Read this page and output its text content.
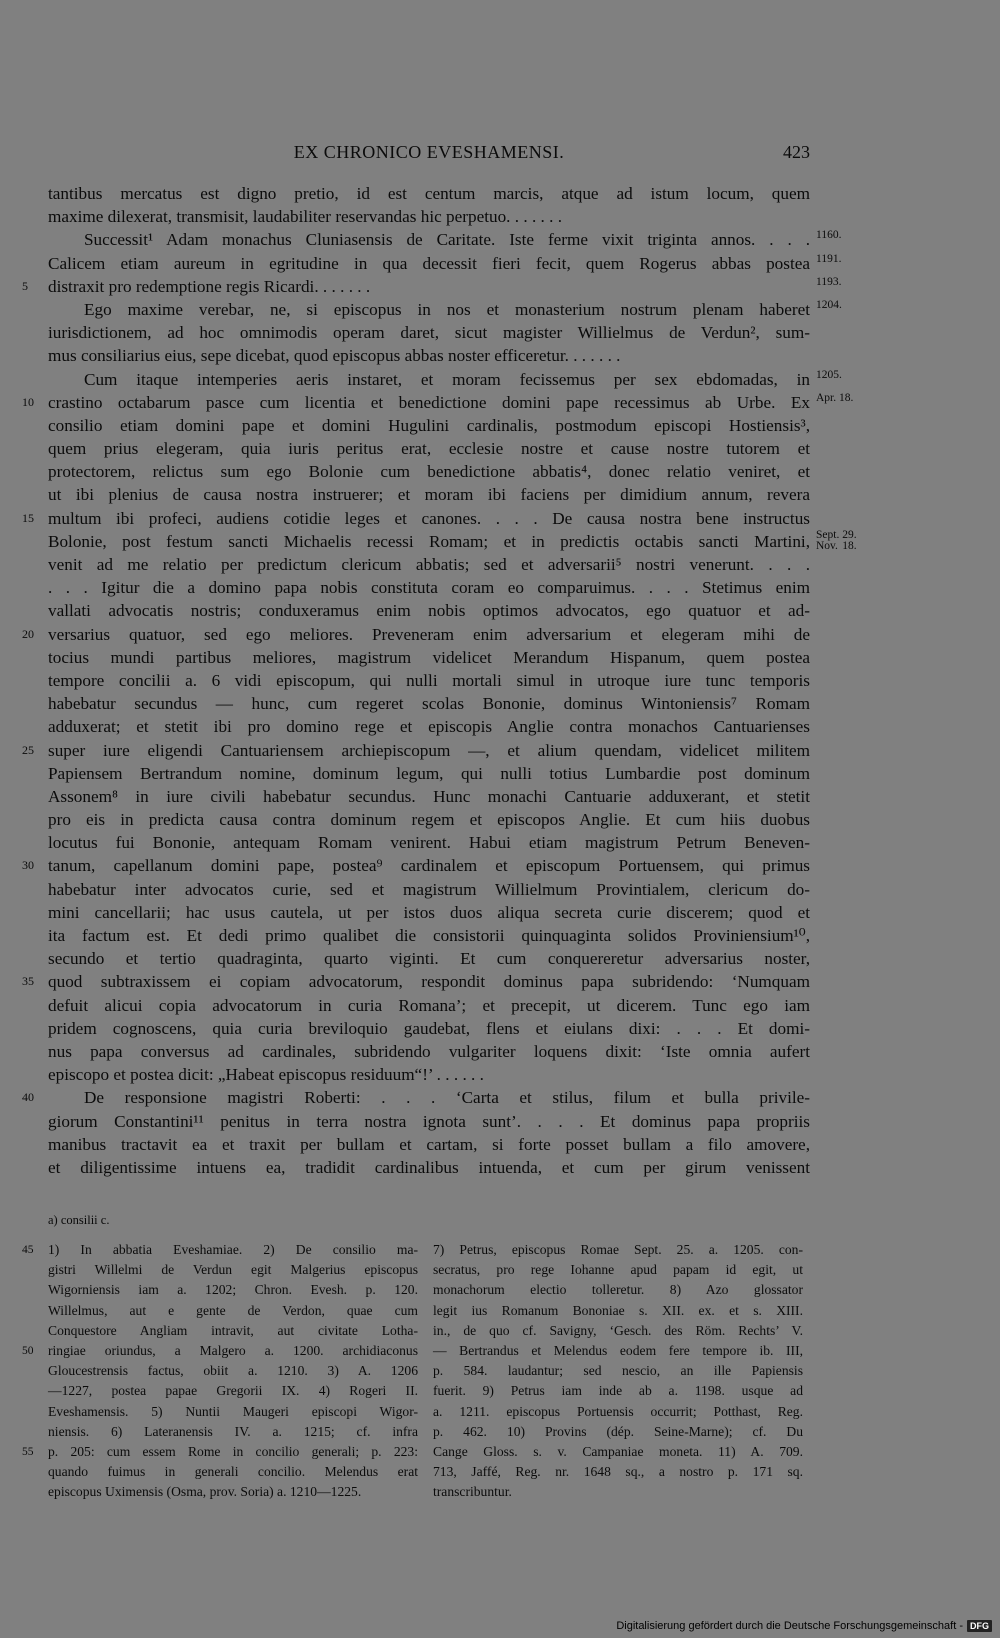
EX CHRONICO EVESHAMENSI.	423
tantibus mercatus est digno pretio, id est centum marcis, atque ad istum locum, quem
maxime dilexerat, transmisit, laudabiliter reservandas hic perpetuo. . . . . . .
Successit¹ Adam monachus Cluniasensis de Caritate. Iste ferme vixit triginta annos. . . . 1160.
Calicem etiam aureum in egritudine in qua decessit fieri fecit, quem Rogerus abbas postea 1191.
distraxit pro redemptione regis Ricardi. . . . . . .
5	1193.
Ego maxime verebar, ne, si episcopus in nos et monasterium nostrum plenam haberet 1204.
iurisdictionem, ad hoc omnimodis operam daret, sicut magister Willielmus de Verdun², sum-
mus consiliarius eius, sepe dicebat, quod episcopus abbas noster efficeretur. . . . . . .
Cum itaque intemperies aeris instaret, et moram fecissemus per sex ebdomadas, in 1205.
crastino octabarum pasce cum licentia et benedictione domini pape recessimus ab Urbe. Ex
10	Apr. 18.
consilio etiam domini pape et domini Hugulini cardinalis, postmodum episcopi Hostiensis³,
quem prius elegeram, quia iuris peritus erat, ecclesie nostre et cause nostre tutorem et
protectorem, relictus sum ego Bolonie cum benedictione abbatis⁴, donec relatio veniret, et
ut ibi plenius de causa nostra instruerer; et moram ibi faciens per dimidium annum, revera
multum ibi profeci, audiens cotidie leges et canones. . . . De causa nostra bene instructus
15
Bolonie, post festum sancti Michaelis recessi Romam; et in predictis octabis sancti Martini, Sept. 29.
Nov. 18.
venit ad me relatio per predictum clericum abbatis; sed et adversarii⁵ nostri venerunt. . . .
. . . Igitur die a domino papa nobis constituta coram eo comparuimus. . . . Stetimus enim
vallati advocatis nostris; conduxeramus enim nobis optimos advocatos, ego quatuor et ad-
versarius quatuor, sed ego meliores. Preveneram enim adversarium et elegeram mihi de
20
tocius mundi partibus meliores, magistrum videlicet Merandum Hispanum, quem postea
tempore concilii a. 6 vidi episcopum, qui nulli mortali simul in utroque iure tunc temporis
habebatur secundus — hunc, cum regeret scolas Bononie, dominus Wintoniensis⁷ Romam
adduxerat; et stetit ibi pro domino rege et episcopis Anglie contra monachos Cantuarienses
super iure eligendi Cantuariensem archiepiscopum —, et alium quendam, videlicet militem
25
Papiensem Bertrandum nomine, dominum legum, qui nulli totius Lumbardie post dominum
Assonem⁸ in iure civili habebatur secundus. Hunc monachi Cantuarie adduxerant, et stetit
pro eis in predicta causa contra dominum regem et episcopos Anglie. Et cum hiis duobus
locutus fui Bononie, antequam Romam venirent. Habui etiam magistrum Petrum Beneven-
tanum, capellanum domini pape, postea⁹ cardinalem et episcopum Portuensem, qui primus
30
habebatur inter advocatos curie, sed et magistrum Willielmum Provintialem, clericum do-
mini cancellarii; hac usus cautela, ut per istos duos aliqua secreta curie discerem; quod et
ita factum est. Et dedi primo qualibet die consistorii quinquaginta solidos Proviniensium¹⁰,
secundo et tertio quadraginta, quarto viginti. Et cum conquereretur adversarius noster,
quod subtraxissem ei copiam advocatorum, respondit dominus papa subridendo: ‘Numquam
35
defuit alicui copia advocatorum in curia Romana’; et precepit, ut dicerem. Tunc ego iam
pridem cognoscens, quia curia breviloquio gaudebat, flens et eiulans dixi: . . . Et domi-
nus papa conversus ad cardinales, subridendo vulgariter loquens dixit: ‘Iste omnia aufert
episcopo et postea dicit: „Habeat episcopus residuum“!’ . . . . . .
De responsione magistri Roberti: . . . ‘Carta et stilus, filum et bulla privile-
40
giorum Constantini¹¹ penitus in terra nostra ignota sunt’. . . . Et dominus papa propriis
manibus tractavit ea et traxit per bullam et cartam, si forte posset bullam a filo amovere,
et diligentissime intuens ea, tradidit cardinalibus intuenda, et cum per girum venissent
a) consilii c.
1) In abbatia Eveshamiae. 2) De consilio ma-
45
gistri Willelmi de Verdun egit Malgerius episcopus
Wigorniensis iam a. 1202; Chron. Evesh. p. 120.
Willelmus, aut e gente de Verdon, quae cum
Conquestore Angliam intravit, aut civitate Lotha-
ringiae oriundus, a Malgero a. 1200. archidiaconus
50
Gloucestrensis factus, obiit a. 1210. 3) A. 1206
—1227, postea papae Gregorii IX. 4) Rogeri II.
Eveshamensis. 5) Nuntii Maugeri episcopi Wigor-
niensis. 6) Lateranensis IV. a. 1215; cf. infra
p. 205: cum essem Rome in concilio generali; p. 223:
55
quando fuimus in generali concilio. Melendus erat
episcopus Uximensis (Osma, prov. Soria) a. 1210—1225.
7) Petrus, episcopus Romae Sept. 25. a. 1205. con-
secratus, pro rege Iohanne apud papam id egit, ut
monachorum electio tolleretur. 8) Azo glossator
legit ius Romanum Bononiae s. XII. ex. et s. XIII.
in., de quo cf. Savigny, ‘Gesch. des Röm. Rechts’ V.
— Bertrandus et Melendus eodem fere tempore ib. III,
p. 584. laudantur; sed nescio, an ille Papiensis
fuerit. 9) Petrus iam inde ab a. 1198. usque ad
a. 1211. episcopus Portuensis occurrit; Potthast, Reg.
p. 462. 10) Provins (dép. Seine-Marne); cf. Du
Cange Gloss. s. v. Campaniae moneta. 11) A. 709.
713, Jaffé, Reg. nr. 1648 sq., a nostro p. 171 sq.
transcribuntur.
Digitalisierung gefördert durch die Deutsche Forschungsgemeinschaft - DFG
